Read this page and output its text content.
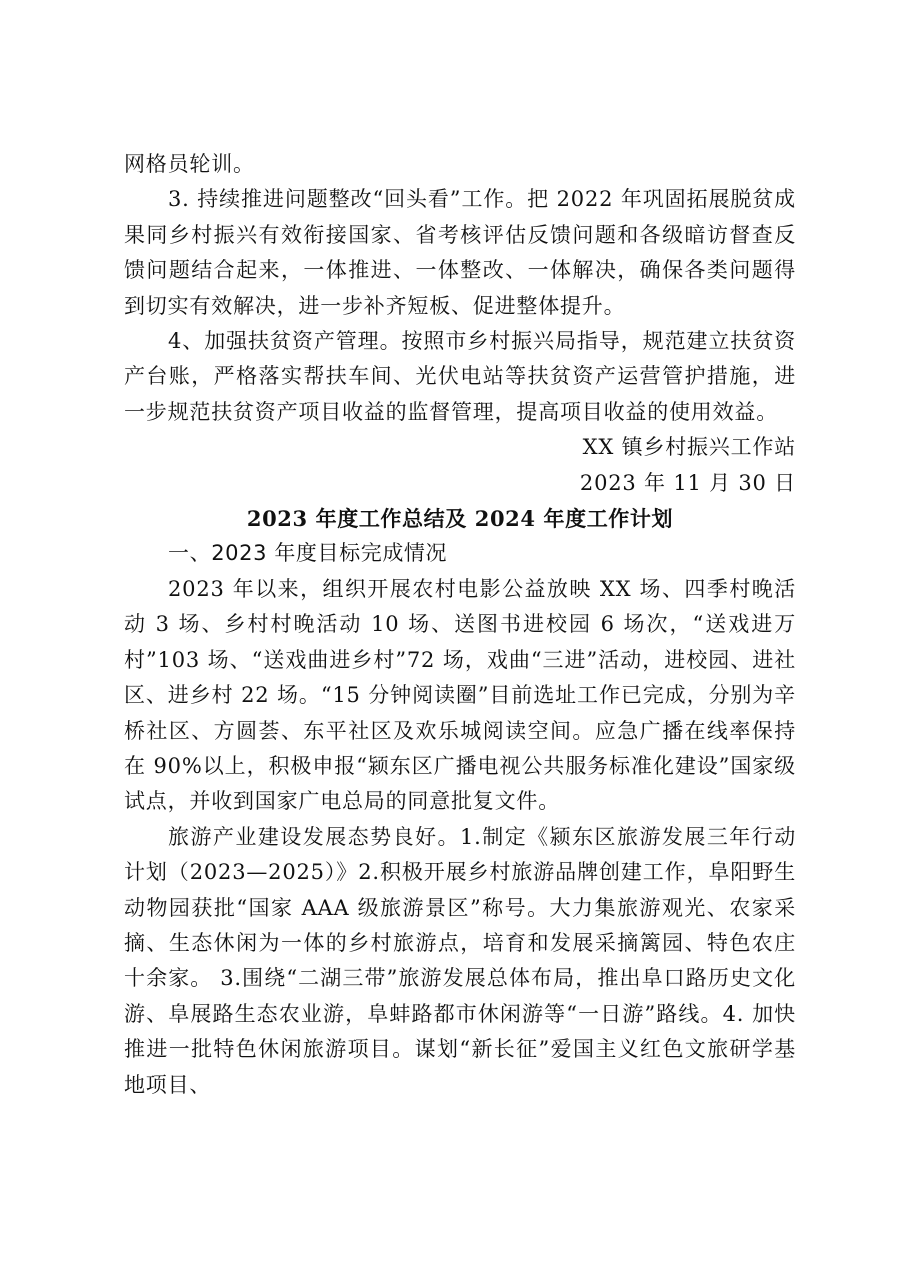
网格员轮训。

3. 持续推进问题整改“回头看”工作。把 2022 年巩固拓展脱贫成果同乡村振兴有效衔接国家、省考核评估反馈问题和各级暗访督查反馈问题结合起来，一体推进、一体整改、一体解决，确保各类问题得到切实有效解决，进一步补齐短板、促进整体提升。

4、加强扶贫资产管理。按照市乡村振兴局指导，规范建立扶贫资产台账，严格落实帮扶车间、光伏电站等扶贫资产运营管护措施，进一步规范扶贫资产项目收益的监督管理，提高项目收益的使用效益。

XX 镇乡村振兴工作站

2023 年 11 月 30 日

2023 年度工作总结及 2024 年度工作计划

一、2023 年度目标完成情况

2023 年以来，组织开展农村电影公益放映 XX 场、四季村晚活动 3 场、乡村村晚活动 10 场、送图书进校园 6 场次，“送戏进万村”103 场、“送戏曲进乡村”72 场，戏曲“三进”活动，进校园、进社区、进乡村 22 场。“15 分钟阅读圈”目前选址工作已完成，分别为辛桥社区、方圆荟、东平社区及欢乐城阅读空间。应急广播在线率保持在 90%以上，积极申报“颍东区广播电视公共服务标准化建设”国家级试点，并收到国家广电总局的同意批复文件。

旅游产业建设发展态势良好。1.制定《颍东区旅游发展三年行动计划（2023—2025）》2.积极开展乡村旅游品牌创建工作，阜阳野生动物园获批“国家 AAA 级旅游景区”称号。大力集旅游观光、农家采摘、生态休闲为一体的乡村旅游点，培育和发展采摘篱园、特色农庄十余家。 3.围绕“二湖三带”旅游发展总体布局，推出阜口路历史文化游、阜展路生态农业游，阜蚌路都市休闲游等“一日游”路线。4. 加快推进一批特色休闲旅游项目。谋划“新长征”爱国主义红色文旅研学基地项目、
